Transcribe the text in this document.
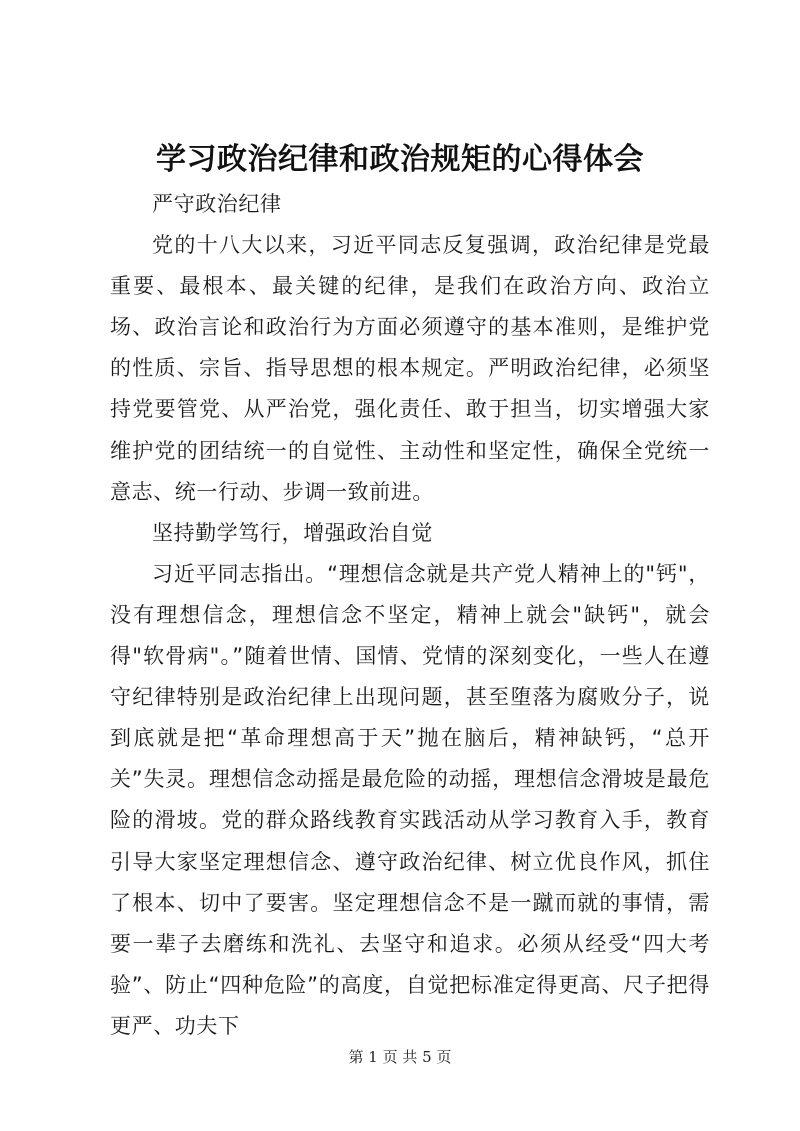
学习政治纪律和政治规矩的心得体会

严守政治纪律

党的十八大以来，习近平同志反复强调，政治纪律是党最重要、最根本、最关键的纪律，是我们在政治方向、政治立场、政治言论和政治行为方面必须遵守的基本准则，是维护党的性质、宗旨、指导思想的根本规定。严明政治纪律，必须坚持党要管党、从严治党，强化责任、敢于担当，切实增强大家维护党的团结统一的自觉性、主动性和坚定性，确保全党统一意志、统一行动、步调一致前进。

坚持勤学笃行，增强政治自觉

习近平同志指出。“理想信念就是共产党人精神上的"钙"，没有理想信念，理想信念不坚定，精神上就会"缺钙"，就会得"软骨病"。”随着世情、国情、党情的深刻变化，一些人在遵守纪律特别是政治纪律上出现问题，甚至堕落为腐败分子，说到底就是把“革命理想高于天”抛在脑后，精神缺钙，“总开关”失灵。理想信念动摇是最危险的动摇，理想信念滑坡是最危险的滑坡。党的群众路线教育实践活动从学习教育入手，教育引导大家坚定理想信念、遵守政治纪律、树立优良作风，抓住了根本、切中了要害。坚定理想信念不是一蹴而就的事情，需要一辈子去磨练和洗礼、去坚守和追求。必须从经受“四大考验”、防止“四种危险”的高度，自觉把标准定得更高、尺子把得更严、功夫下

第 1 页 共 5 页
